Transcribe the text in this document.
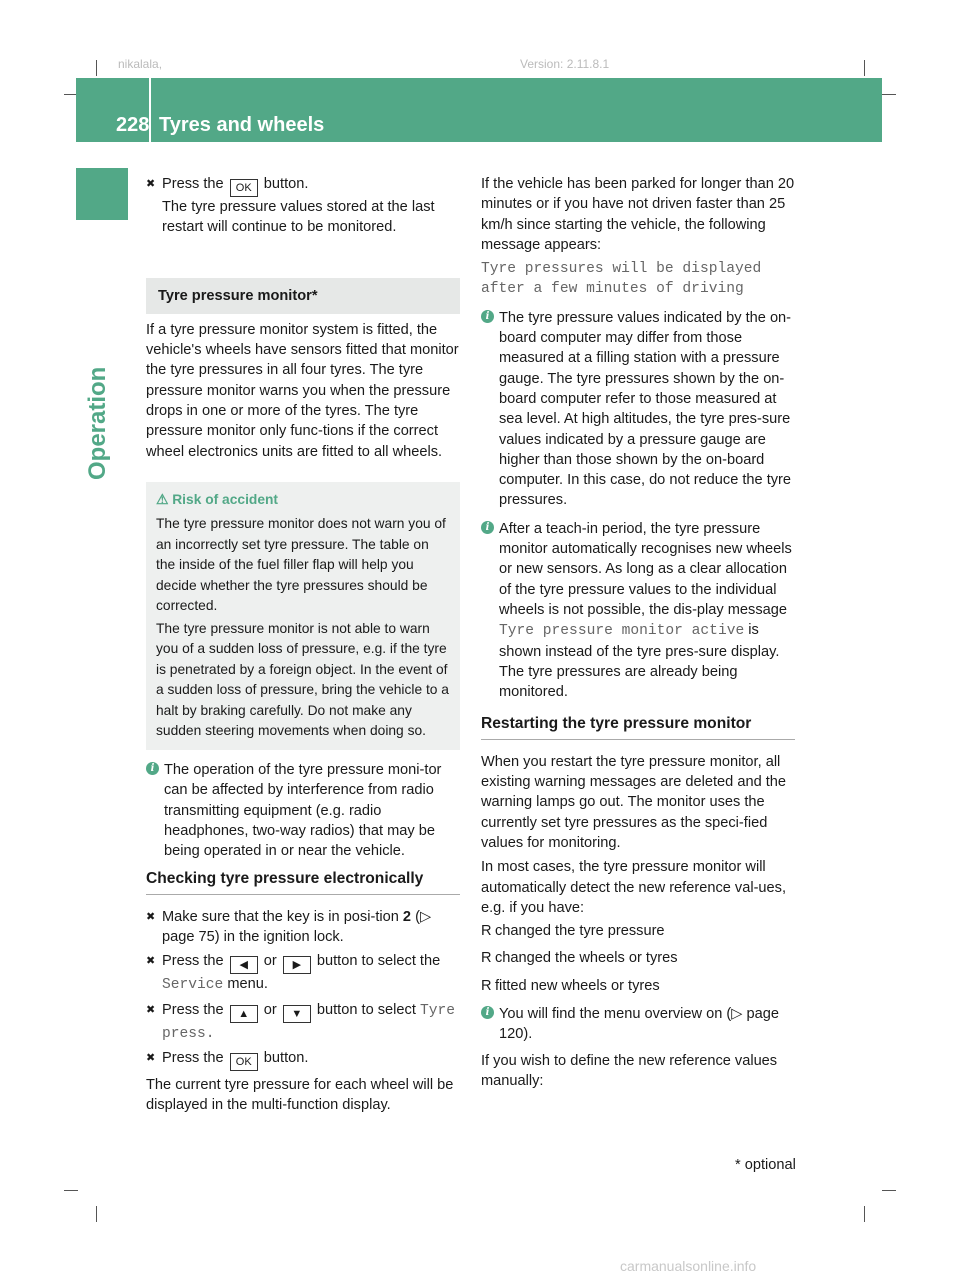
nikalala,	Version: 2.11.8.1
228 Tyres and wheels
Operation

✖ Press the OK button.

The tyre pressure values stored at the last restart will continue to be monitored.

Tyre pressure monitor*

If a tyre pressure monitor system is fitted, the vehicle's wheels have sensors fitted that monitor the tyre pressures in all four tyres. The tyre pressure monitor warns you when the pressure drops in one or more of the tyres. The tyre pressure monitor only func-tions if the correct wheel electronics units are fitted to all wheels.

⚠ Risk of accident

The tyre pressure monitor does not warn you of an incorrectly set tyre pressure. The table on the inside of the fuel filler flap will help you decide whether the tyre pressures should be corrected.

The tyre pressure monitor is not able to warn you of a sudden loss of pressure, e.g. if the tyre is penetrated by a foreign object. In the event of a sudden loss of pressure, bring the vehicle to a halt by braking carefully. Do not make any sudden steering movements when doing so.

i The operation of the tyre pressure moni-tor can be affected by interference from radio transmitting equipment (e.g. radio headphones, two-way radios) that may be being operated in or near the vehicle.

Checking tyre pressure electronically

✖ Make sure that the key is in posi-tion 2 (▷ page 75) in the ignition lock.

✖ Press the ◀ or ▶ button to select the Service menu.

✖ Press the ▲ or ▼ button to select Tyre press.

✖ Press the OK button.

The current tyre pressure for each wheel will be displayed in the multi-function display.

If the vehicle has been parked for longer than 20 minutes or if you have not driven faster than 25 km/h since starting the vehicle, the following message appears:

Tyre pressures will be displayed

after a few minutes of driving

i The tyre pressure values indicated by the on-board computer may differ from those measured at a filling station with a pressure gauge. The tyre pressures shown by the on-board computer refer to those measured at sea level. At high altitudes, the tyre pres-sure values indicated by a pressure gauge are higher than those shown by the on-board computer. In this case, do not reduce the tyre pressures.

i After a teach-in period, the tyre pressure monitor automatically recognises new wheels or new sensors. As long as a clear allocation of the tyre pressure values to the individual wheels is not possible, the dis-play message Tyre pressure monitor active is shown instead of the tyre pres-sure display. The tyre pressures are already being monitored.

Restarting the tyre pressure monitor

When you restart the tyre pressure monitor, all existing warning messages are deleted and the warning lamps go out. The monitor uses the currently set tyre pressures as the speci-fied values for monitoring.

In most cases, the tyre pressure monitor will automatically detect the new reference val-ues, e.g. if you have:

R changed the tyre pressure

R changed the wheels or tyres

R fitted new wheels or tyres

i You will find the menu overview on (▷ page 120).

If you wish to define the new reference values manually:

* optional
carmanualsonline.info
